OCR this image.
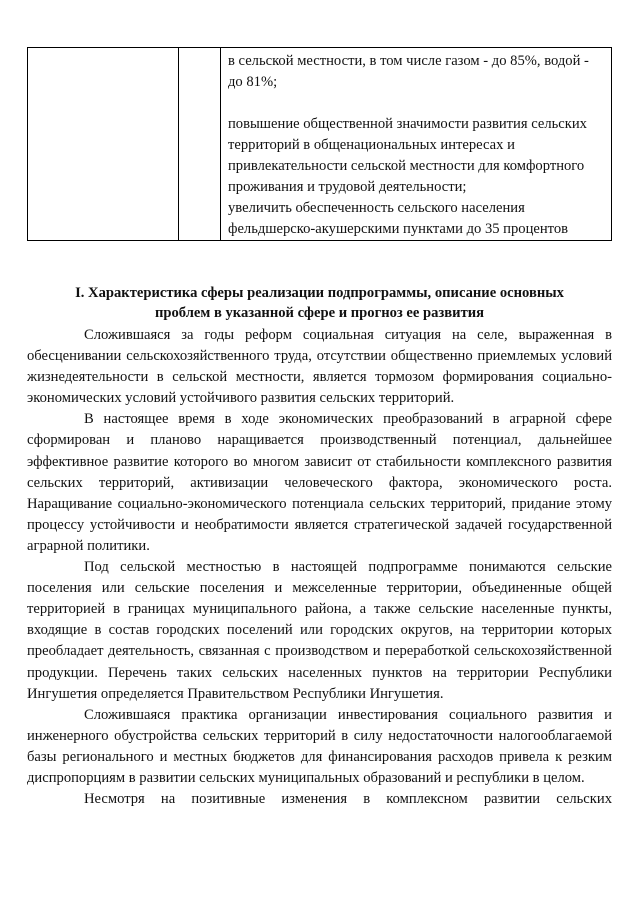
в сельской местности, в том числе газом - до 85%, водой - до 81%;

повышение общественной значимости развития сельских территорий в общенациональных интересах и привлекательности сельской местности для комфортного проживания и трудовой деятельности;

увеличить обеспеченность сельского населения фельдшерско-акушерскими пунктами до 35 процентов

I. Характеристика сферы реализации подпрограммы, описание основных
проблем в указанной сфере и прогноз ее развития

Сложившаяся за годы реформ социальная ситуация на селе, выраженная в обесценивании сельскохозяйственного труда, отсутствии общественно приемлемых условий жизнедеятельности в сельской местности, является тормозом формирования социально-экономических условий устойчивого развития сельских территорий.

В настоящее время в ходе экономических преобразований в аграрной сфере сформирован и планово наращивается производственный потенциал, дальнейшее эффективное развитие которого во многом зависит от стабильности комплексного развития сельских территорий, активизации человеческого фактора, экономического роста. Наращивание социально-экономического потенциала сельских территорий, придание этому процессу устойчивости и необратимости является стратегической задачей государственной аграрной политики.

Под сельской местностью в настоящей подпрограмме понимаются сельские поселения или сельские поселения и межселенные территории, объединенные общей территорией в границах муниципального района, а также сельские населенные пункты, входящие в состав городских поселений или городских округов, на территории которых преобладает деятельность, связанная с производством и переработкой сельскохозяйственной продукции. Перечень таких сельских населенных пунктов на территории Республики Ингушетия определяется Правительством Республики Ингушетия.

Сложившаяся практика организации инвестирования социального развития и инженерного обустройства сельских территорий в силу недостаточности налогооблагаемой базы регионального и местных бюджетов для финансирования расходов привела к резким диспропорциям в развитии сельских муниципальных образований и республики в целом.

Несмотря на позитивные изменения в комплексном развитии сельских
